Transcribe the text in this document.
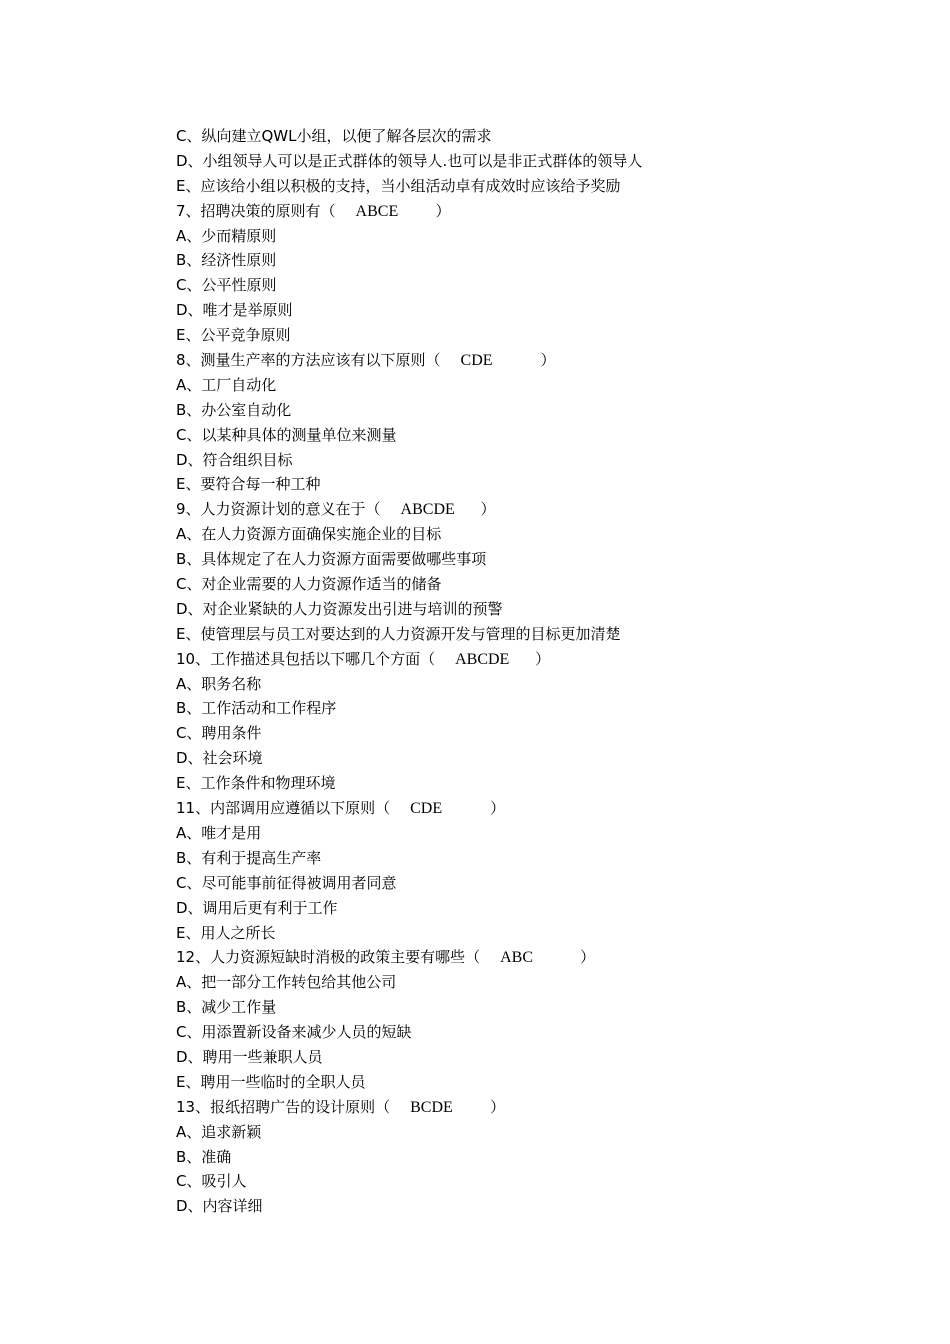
C、纵向建立QWL小组，以便了解各层次的需求
D、小组领导人可以是正式群体的领导人.也可以是非正式群体的领导人
E、应该给小组以积极的支持，当小组活动卓有成效时应该给予奖励
7、招聘决策的原则有（ ABCE ）
A、少而精原则
B、经济性原则
C、公平性原则
D、唯才是举原则
E、公平竞争原则
8、测量生产率的方法应该有以下原则（ CDE	）
A、工厂自动化
B、办公室自动化
C、以某种具体的测量单位来测量
D、符合组织目标
E、要符合每一种工种
9、人力资源计划的意义在于（ ABCDE ）
A、在人力资源方面确保实施企业的目标
B、具体规定了在人力资源方面需要做哪些事项
C、对企业需要的人力资源作适当的储备
D、对企业紧缺的人力资源发出引进与培训的预警
E、使管理层与员工对要达到的人力资源开发与管理的目标更加清楚
10、工作描述具包括以下哪几个方面（ ABCDE ）
A、职务名称
B、工作活动和工作程序
C、聘用条件
D、社会环境
E、工作条件和物理环境
11、内部调用应遵循以下原则（ CDE	）
A、唯才是用
B、有利于提高生产率
C、尽可能事前征得被调用者同意
D、调用后更有利于工作
E、用人之所长
12、人力资源短缺时消极的政策主要有哪些（ ABC	）
A、把一部分工作转包给其他公司
B、减少工作量
C、用添置新设备来减少人员的短缺
D、聘用一些兼职人员
E、聘用一些临时的全职人员
13、报纸招聘广告的设计原则（ BCDE ）
A、追求新颖
B、准确
C、吸引人
D、内容详细
